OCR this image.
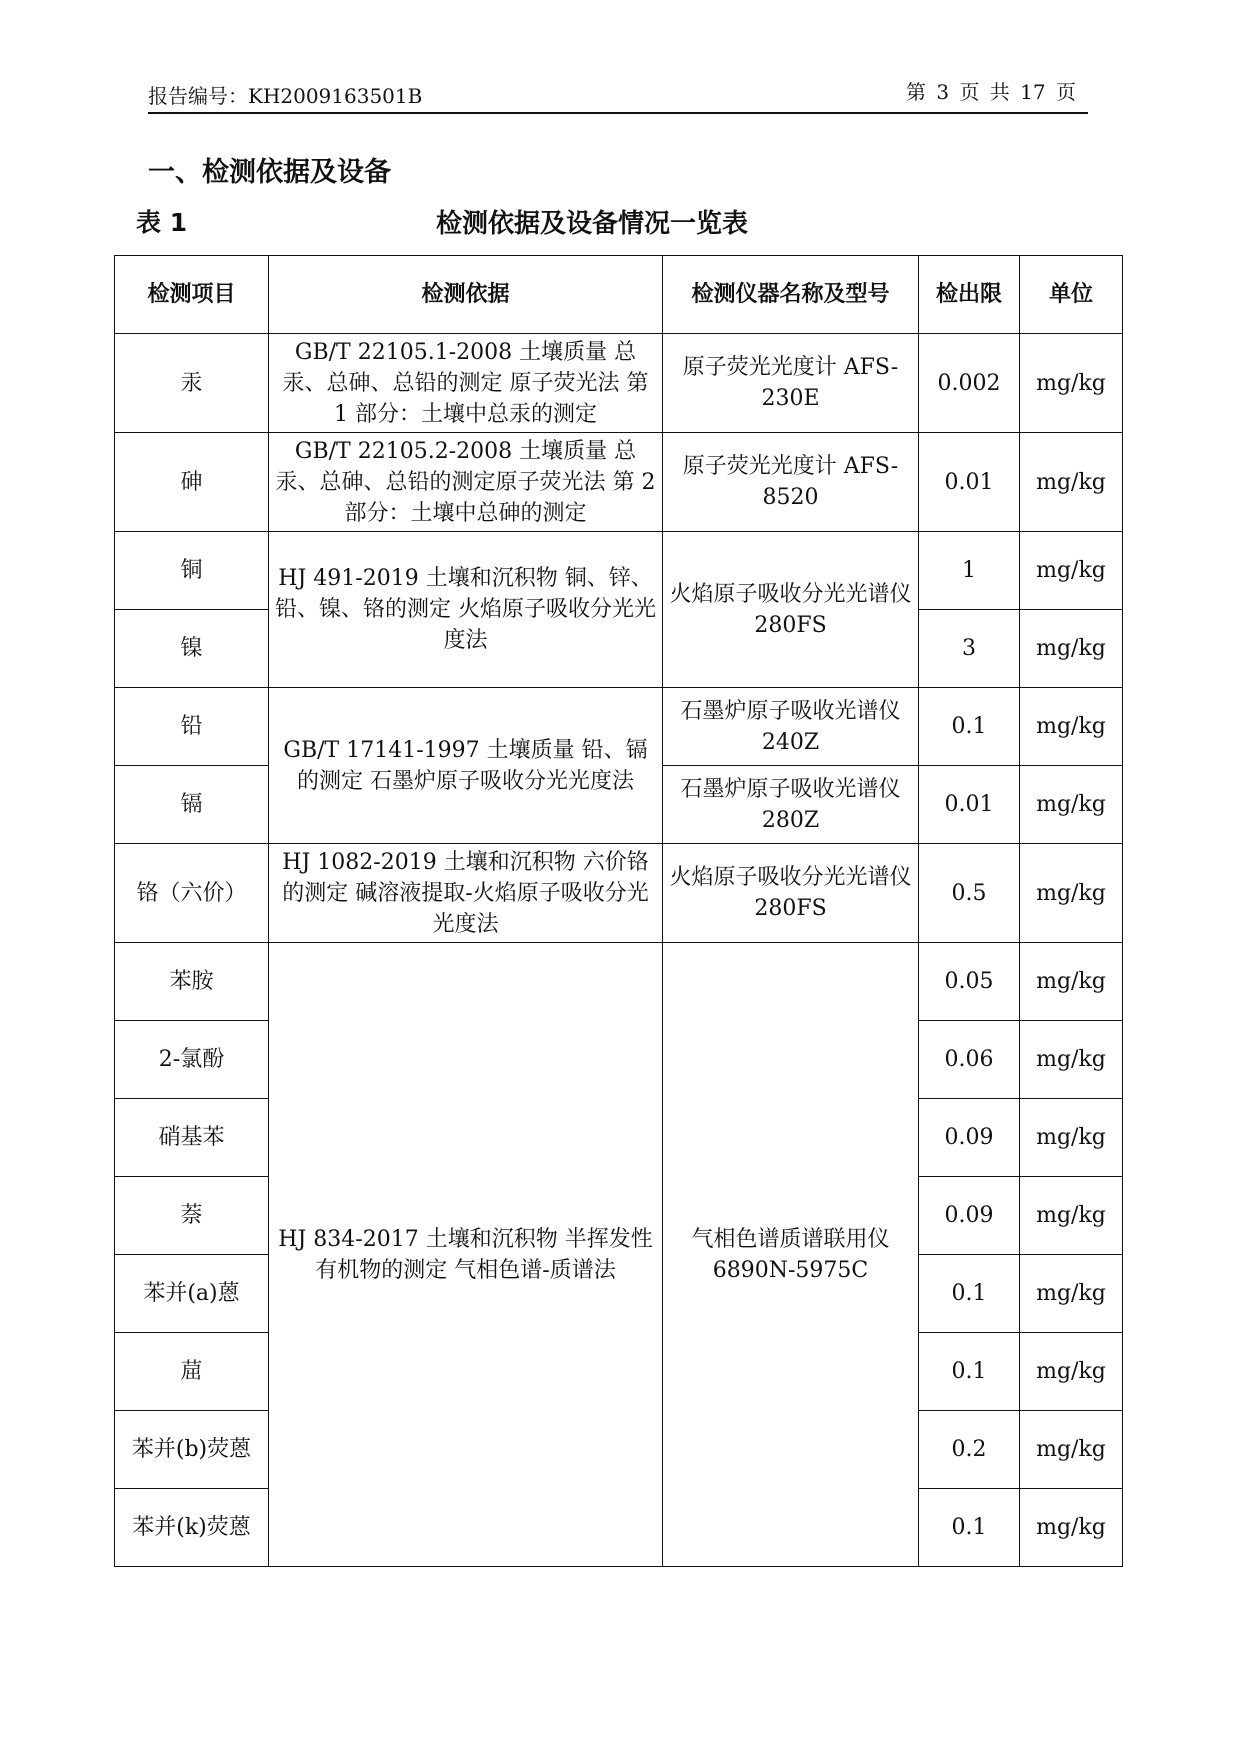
报告编号：KH2009163501B	第 3 页 共 17 页
一、检测依据及设备
表 1	检测依据及设备情况一览表
检测项目	检测依据	检测仪器名称及型号	检出限	单位
汞	GB/T 22105.1-2008 土壤质量 总汞、总砷、总铅的测定 原子荧光法 第 1 部分：土壤中总汞的测定	原子荧光光度计 AFS-230E	0.002	mg/kg
砷	GB/T 22105.2-2008 土壤质量 总汞、总砷、总铅的测定原子荧光法 第 2 部分：土壤中总砷的测定	原子荧光光度计 AFS-8520	0.01	mg/kg
铜	HJ 491-2019 土壤和沉积物 铜、锌、铅、镍、铬的测定 火焰原子吸收分光光度法	火焰原子吸收分光光谱仪 280FS	1	mg/kg
镍			3	mg/kg
铅	GB/T 17141-1997 土壤质量 铅、镉的测定 石墨炉原子吸收分光光度法	石墨炉原子吸收光谱仪 240Z	0.1	mg/kg
镉		石墨炉原子吸收光谱仪 280Z	0.01	mg/kg
铬（六价）	HJ 1082-2019 土壤和沉积物 六价铬的测定 碱溶液提取-火焰原子吸收分光光度法	火焰原子吸收分光光谱仪 280FS	0.5	mg/kg
苯胺	HJ 834-2017 土壤和沉积物 半挥发性有机物的测定 气相色谱-质谱法	气相色谱质谱联用仪 6890N-5975C	0.05	mg/kg
2-氯酚			0.06	mg/kg
硝基苯			0.09	mg/kg
萘			0.09	mg/kg
苯并(a)蒽			0.1	mg/kg
䓛			0.1	mg/kg
苯并(b)荧蒽			0.2	mg/kg
苯并(k)荧蒽			0.1	mg/kg
